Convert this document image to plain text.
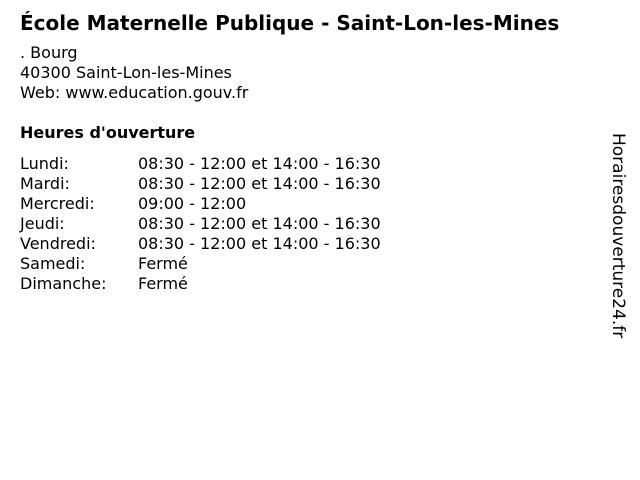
École Maternelle Publique - Saint-Lon-les-Mines
. Bourg
40300 Saint-Lon-les-Mines
Web: www.education.gouv.fr
Heures d'ouverture
Lundi:	08:30 - 12:00 et 14:00 - 16:30
Mardi:	08:30 - 12:00 et 14:00 - 16:30
Mercredi:	09:00 - 12:00
Jeudi:	08:30 - 12:00 et 14:00 - 16:30
Vendredi:	08:30 - 12:00 et 14:00 - 16:30
Samedi:	Fermé
Dimanche: Fermé	Horairesdouverture24.fr
